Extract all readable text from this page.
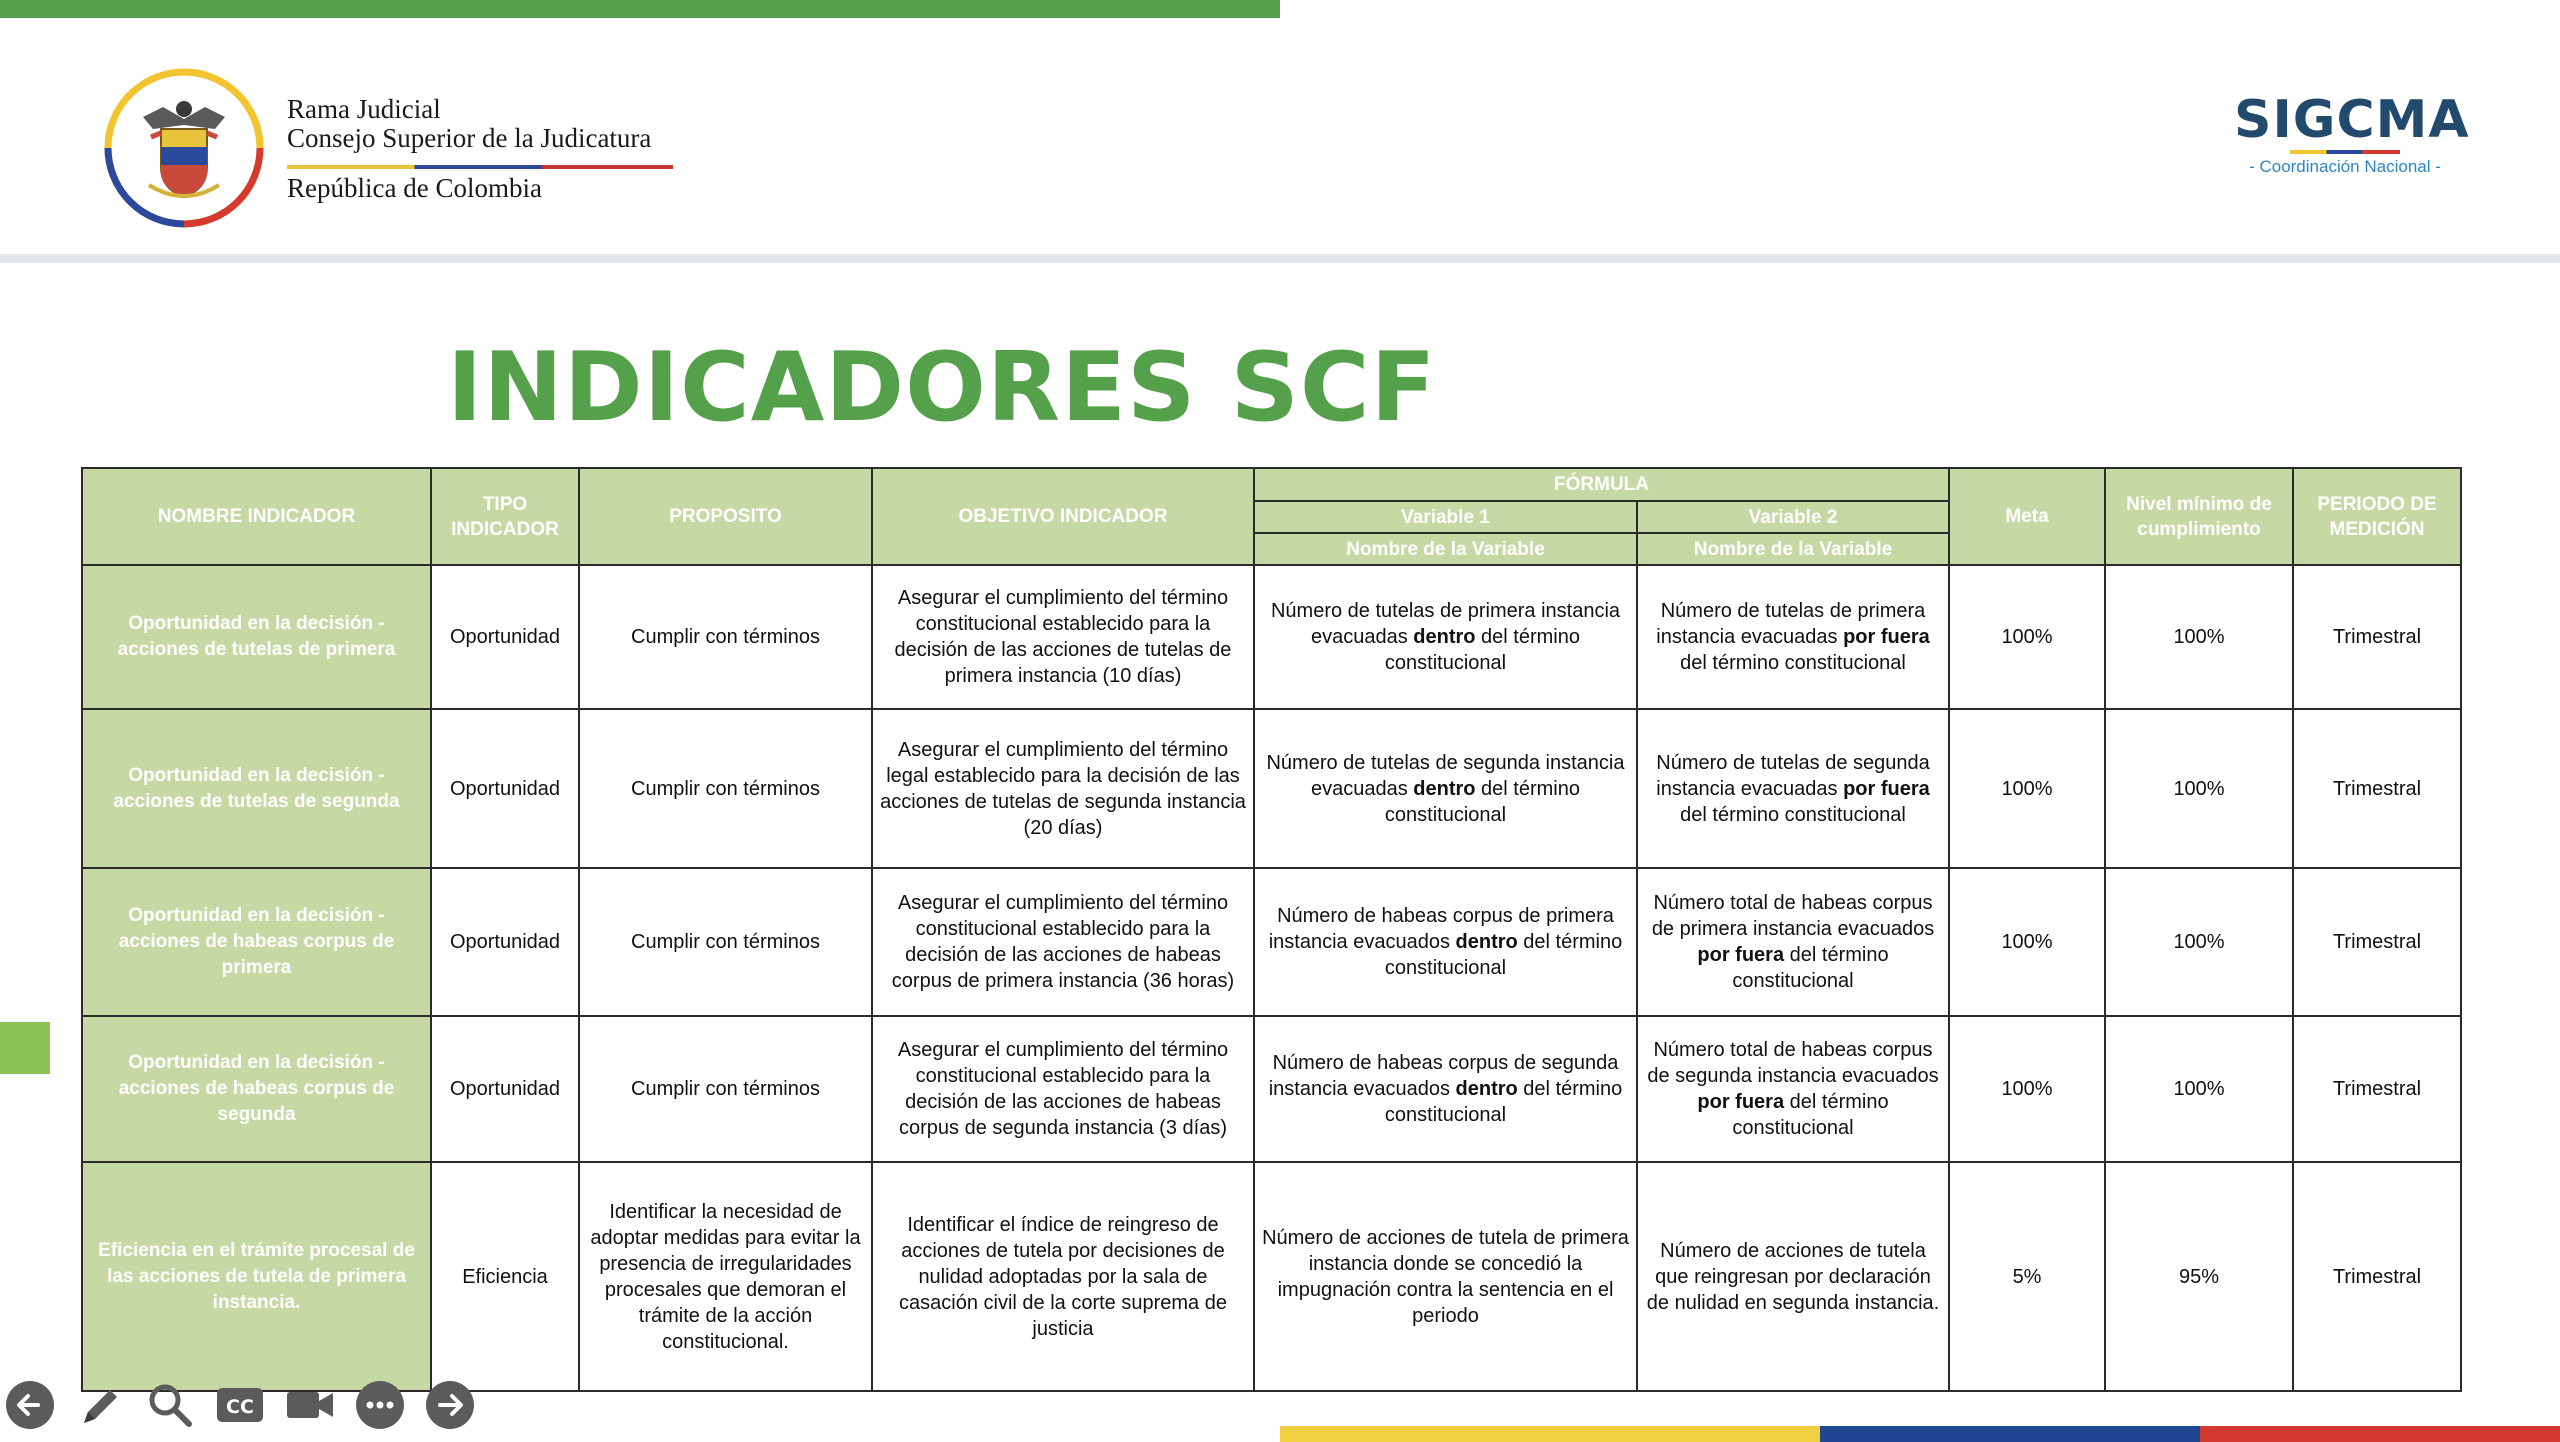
Rama Judicial
Consejo Superior de la Judicatura
República de Colombia
SIGCMA
- Coordinación Nacional -
INDICADORES SCF
NOMBRE INDICADOR	TIPO INDICADOR	PROPOSITO	OBJETIVO INDICADOR	FÓRMULA		Meta	Nivel mínimo de cumplimiento	PERIODO DE MEDICIÓN
				Variable 1	Variable 2			
				Nombre de la Variable	Nombre de la Variable			
Oportunidad en la decisión - acciones de tutelas de primera	Oportunidad	Cumplir con términos	Asegurar el cumplimiento del término constitucional establecido para la decisión de las acciones de tutelas de primera instancia (10 días)	Número de tutelas de primera instancia evacuadas dentro del término constitucional	Número de tutelas de primera instancia evacuadas por fuera del término constitucional	100%	100%	Trimestral
Oportunidad en la decisión - acciones de tutelas de segunda	Oportunidad	Cumplir con términos	Asegurar el cumplimiento del término legal establecido para la decisión de las acciones de tutelas de segunda instancia (20 días)	Número de tutelas de segunda instancia evacuadas dentro del término constitucional	Número de tutelas de segunda instancia evacuadas por fuera del término constitucional	100%	100%	Trimestral
Oportunidad en la decisión - acciones de habeas corpus de primera	Oportunidad	Cumplir con términos	Asegurar el cumplimiento del término constitucional establecido para la decisión de las acciones de habeas corpus de primera instancia (36 horas)	Número de habeas corpus de primera instancia evacuados dentro del término constitucional	Número total de habeas corpus de primera instancia evacuados por fuera del término constitucional	100%	100%	Trimestral
Oportunidad en la decisión - acciones de habeas corpus de segunda	Oportunidad	Cumplir con términos	Asegurar el cumplimiento del término constitucional establecido para la decisión de las acciones de habeas corpus de segunda instancia (3 días)	Número de habeas corpus de segunda instancia evacuados dentro del término constitucional	Número total de habeas corpus de segunda instancia evacuados por fuera del término constitucional	100%	100%	Trimestral
Eficiencia en el trámite procesal de las acciones de tutela de primera instancia.	Eficiencia	Identificar la necesidad de adoptar medidas para evitar la presencia de irregularidades procesales que demoran el trámite de la acción constitucional.	Identificar el índice de reingreso de acciones de tutela por decisiones de nulidad adoptadas por la sala de casación civil de la corte suprema de justicia	Número de acciones de tutela de primera instancia donde se concedió la impugnación contra la sentencia en el periodo	Número de acciones de tutela que reingresan por declaración de nulidad en segunda instancia.	5%	95%	Trimestral
CC
